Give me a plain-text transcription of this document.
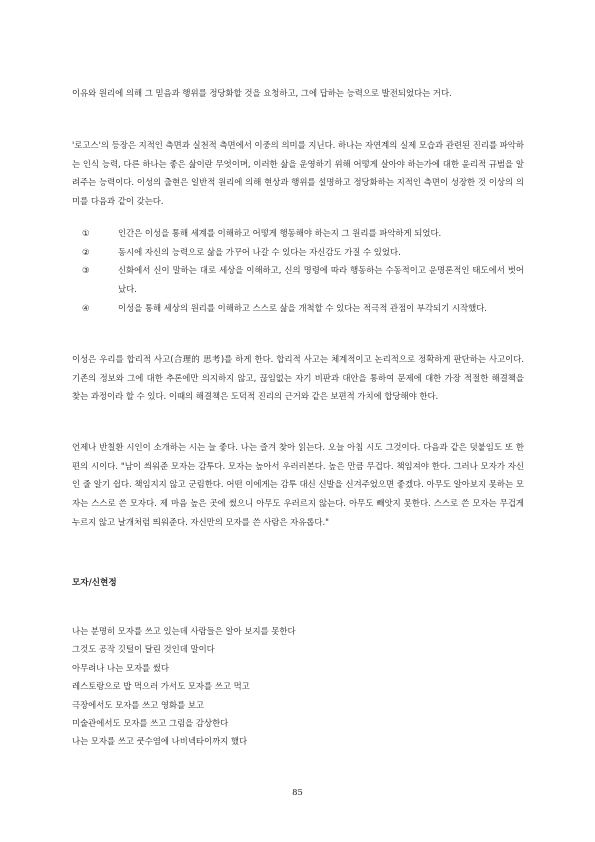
이유와 원리에 의해 그 믿음과 행위를 정당화할 것을 요청하고, 그에 답하는 능력으로 발전되었다는 거다.

'로고스'의 등장은 지적인 측면과 실천적 측면에서 이중의 의미를 지닌다. 하나는 자연계의 실제 모습과 관련된 진리를 파악하는 인식 능력, 다른 하나는 좋은 삶이란 무엇이며, 이러한 삶을 운영하기 위해 어떻게 살아야 하는가에 대한 윤리적 규범을 알려주는 능력이다. 이성의 출현은 일반적 원리에 의해 현상과 행위를 설명하고 정당화하는 지적인 측면이 성장한 것 이상의 의미를 다음과 같이 갖는다.

①	인간은 이성을 통해 세계를 이해하고 어떻게 행동해야 하는지 그 원리를 파악하게 되었다.
②	동시에 자신의 능력으로 삶을 가꾸어 나갈 수 있다는 자신감도 가질 수 있었다.
③	신화에서 신이 말하는 대로 세상을 이해하고, 신의 명령에 따라 행동하는 수동적이고 운명론적인 태도에서 벗어났다.
④	이성을 통해 세상의 원리를 이해하고 스스로 삶을 개척할 수 있다는 적극적 관점이 부각되기 시작했다.

이성은 우리를 합리적 사고(合理的 思考)를 하게 한다. 합리적 사고는 체계적이고 논리적으로 정확하게 판단하는 사고이다. 기존의 정보와 그에 대한 추론에만 의지하지 않고, 끊임없는 자기 비판과 대안을 통하여 문제에 대한 가장 적절한 해결책을 찾는 과정이라 할 수 있다. 이때의 해결책은 도덕적 진리의 근거와 같은 보편적 가치에 합당해야 한다.

언제나 반칠환 시인이 소개하는 시는 늘 좋다. 나는 즐겨 찾아 읽는다. 오늘 아침 시도 그것이다. 다음과 같은 덧붙임도 또 한 편의 시이다. "남이 씌워준 모자는 감투다. 모자는 높아서 우러러본다. 높은 만큼 무겁다. 책임져야 한다. 그러나 모자가 자신인 줄 알기 쉽다. 책임지지 않고 군림한다. 어떤 이에게는 감투 대신 신발을 신겨주었으면 좋겠다. 아무도 알아보지 못하는 모자는 스스로 쓴 모자다. 제 마음 높은 곳에 썼으니 아무도 우러르지 않는다. 아무도 빼앗지 못한다. 스스로 쓴 모자는 무겁게 누르지 않고 날개처럼 띄워준다. 자신만의 모자를 쓴 사람은 자유롭다."

모자/신현정
나는 분명히 모자를 쓰고 있는데 사람들은 알아 보지를 못한다
그것도 공작 깃털이 달린 것인데 말이다
아무려나 나는 모자를 썼다
레스토랑으로 밥 먹으러 가서도 모자를 쓰고 먹고
극장에서도 모자를 쓰고 영화를 보고
미술관에서도 모자를 쓰고 그림을 감상한다
나는 모자를 쓰고 쿳수염에 나비넥타이까지 했다
85
